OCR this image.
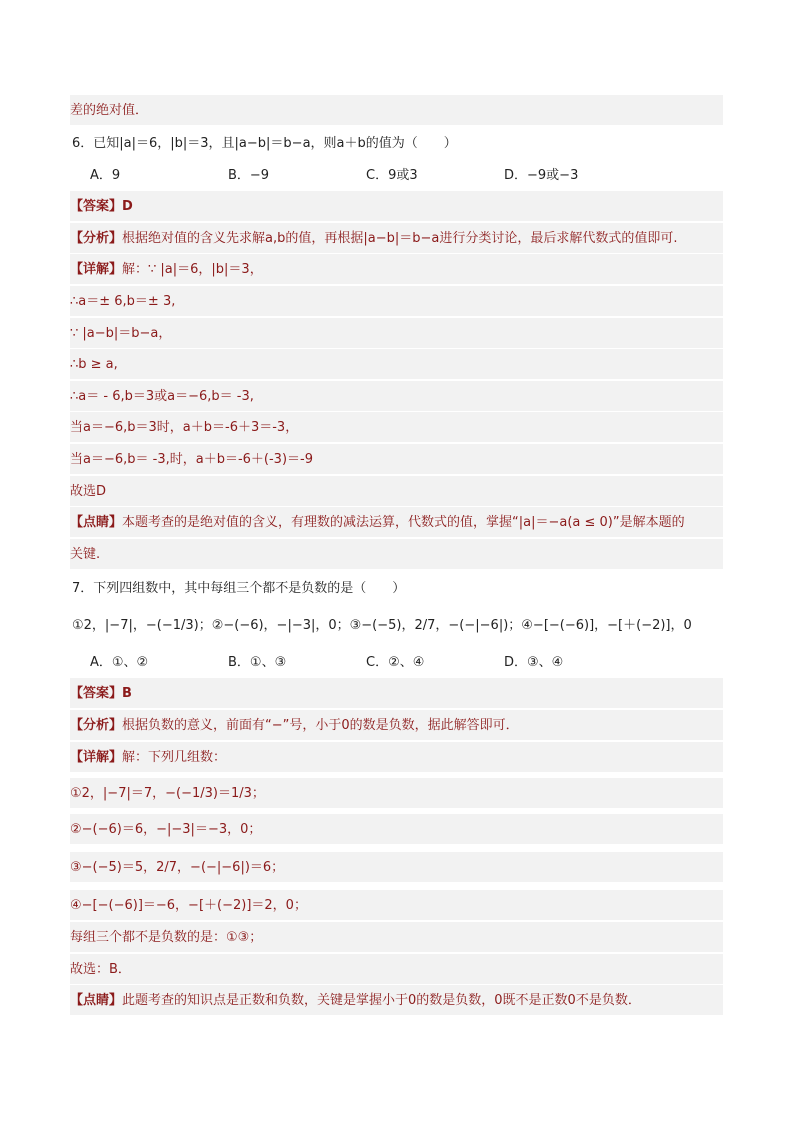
差的绝对值．
6．已知|a|＝6，|b|＝3，且|a−b|＝b−a，则a＋b的值为（　　）
A．9	B．−9	C．9或3	D．−9或−3
【答案】D
【分析】根据绝对值的含义先求解a,b的值，再根据|a−b|＝b−a进行分类讨论，最后求解代数式的值即可.
【详解】解：∵ |a|＝6，|b|＝3，
∴a＝± 6,b＝± 3,
∵ |a−b|＝b−a，
∴b ≥ a,
∴a＝ - 6,b＝3或a＝−6,b＝ -3,
当a＝−6,b＝3时，a＋b＝-6＋3＝-3，
当a＝−6,b＝ -3,时，a＋b＝-6＋(-3)＝-9
故选D
【点睛】本题考查的是绝对值的含义，有理数的减法运算，代数式的值，掌握“|a|＝−a(a ≤ 0)”是解本题的
关键.
7．下列四组数中，其中每组三个都不是负数的是（　　）
①2，|−7|，−(−1/3)；②−(−6)，−|−3|，0；③−(−5)，2/7，−(−|−6|)；④−[−(−6)]，−[＋(−2)]，0
A．①、②	B．①、③	C．②、④	D．③、④
【答案】B
【分析】根据负数的意义，前面有“−”号，小于0的数是负数，据此解答即可．
【详解】解：下列几组数：
①2，|−7|＝7，−(−1/3)＝1/3；
②−(−6)＝6，−|−3|＝−3，0；
③−(−5)＝5，2/7，−(−|−6|)＝6；
④−[−(−6)]＝−6，−[＋(−2)]＝2，0；
每组三个都不是负数的是：①③；
故选：B．
【点睛】此题考查的知识点是正数和负数，关键是掌握小于0的数是负数，0既不是正数0不是负数．
